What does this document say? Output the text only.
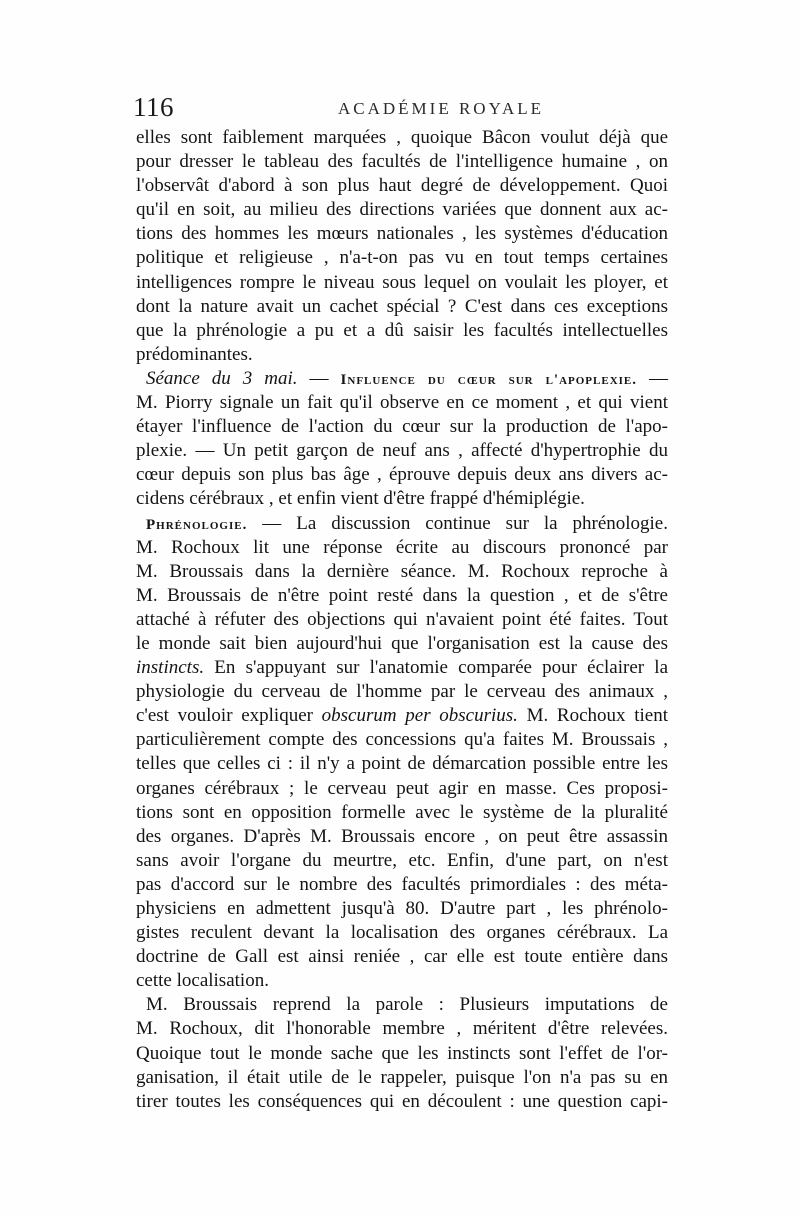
116	ACADÉMIE ROYALE
elles sont faiblement marquées , quoique Bâcon voulut déjà que
pour dresser le tableau des facultés de l'intelligence humaine , on
l'observât d'abord à son plus haut degré de développement. Quoi
qu'il en soit, au milieu des directions variées que donnent aux ac-
tions des hommes les mœurs nationales , les systèmes d'éducation
politique et religieuse , n'a-t-on pas vu en tout temps certaines
intelligences rompre le niveau sous lequel on voulait les ployer, et
dont la nature avait un cachet spécial ? C'est dans ces exceptions
que la phrénologie a pu et a dû saisir les facultés intellectuelles
prédominantes.
Séance du 3 mai. — Influence du cœur sur l'apoplexie. —
M. Piorry signale un fait qu'il observe en ce moment , et qui vient
étayer l'influence de l'action du cœur sur la production de l'apo-
plexie. — Un petit garçon de neuf ans , affecté d'hypertrophie du
cœur depuis son plus bas âge , éprouve depuis deux ans divers ac-
cidens cérébraux , et enfin vient d'être frappé d'hémiplégie.
Phrénologie. — La discussion continue sur la phrénologie.
M. Rochoux lit une réponse écrite au discours prononcé par
M. Broussais dans la dernière séance. M. Rochoux reproche à
M. Broussais de n'être point resté dans la question , et de s'être
attaché à réfuter des objections qui n'avaient point été faites. Tout
le monde sait bien aujourd'hui que l'organisation est la cause des
instincts. En s'appuyant sur l'anatomie comparée pour éclairer la
physiologie du cerveau de l'homme par le cerveau des animaux ,
c'est vouloir expliquer obscurum per obscurius. M. Rochoux tient
particulièrement compte des concessions qu'a faites M. Broussais ,
telles que celles ci : il n'y a point de démarcation possible entre les
organes cérébraux ; le cerveau peut agir en masse. Ces proposi-
tions sont en opposition formelle avec le système de la pluralité
des organes. D'après M. Broussais encore , on peut être assassin
sans avoir l'organe du meurtre, etc. Enfin, d'une part, on n'est
pas d'accord sur le nombre des facultés primordiales : des méta-
physiciens en admettent jusqu'à 80. D'autre part , les phrénolo-
gistes reculent devant la localisation des organes cérébraux. La
doctrine de Gall est ainsi reniée , car elle est toute entière dans
cette localisation.
M. Broussais reprend la parole : Plusieurs imputations de
M. Rochoux, dit l'honorable membre , méritent d'être relevées.
Quoique tout le monde sache que les instincts sont l'effet de l'or-
ganisation, il était utile de le rappeler, puisque l'on n'a pas su en
tirer toutes les conséquences qui en découlent : une question capi-
